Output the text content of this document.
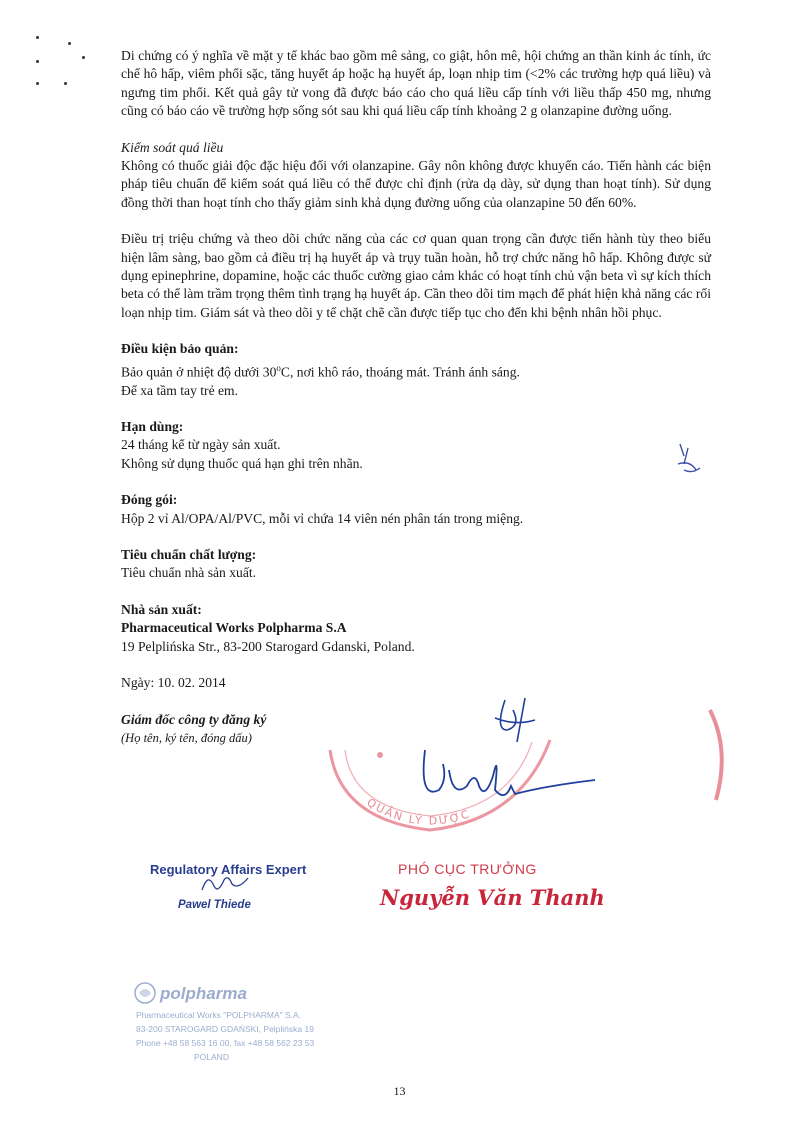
Di chứng có ý nghĩa về mặt y tế khác bao gồm mê sảng, co giật, hôn mê, hội chứng an thần kinh ác tính, ức chế hô hấp, viêm phổi sặc, tăng huyết áp hoặc hạ huyết áp, loạn nhịp tim (<2% các trường hợp quá liều) và ngưng tim phổi. Kết quả gây tử vong đã được báo cáo cho quá liều cấp tính với liều thấp 450 mg, nhưng cũng có báo cáo về trường hợp sống sót sau khi quá liều cấp tính khoảng 2 g olanzapine đường uống.

Kiểm soát quá liều

Không có thuốc giải độc đặc hiệu đối với olanzapine. Gây nôn không được khuyến cáo. Tiến hành các biện pháp tiêu chuẩn để kiểm soát quá liều có thể được chỉ định (rửa dạ dày, sử dụng than hoạt tính). Sử dụng đồng thời than hoạt tính cho thấy giảm sinh khả dụng đường uống của olanzapine 50 đến 60%.

Điều trị triệu chứng và theo dõi chức năng của các cơ quan quan trọng cần được tiến hành tùy theo biểu hiện lâm sàng, bao gồm cả điều trị hạ huyết áp và trụy tuần hoàn, hỗ trợ chức năng hô hấp. Không được sử dụng epinephrine, dopamine, hoặc các thuốc cường giao cảm khác có hoạt tính chủ vận beta vì sự kích thích beta có thể làm trầm trọng thêm tình trạng hạ huyết áp. Cần theo dõi tim mạch để phát hiện khả năng các rối loạn nhịp tim. Giám sát và theo dõi y tế chặt chẽ cần được tiếp tục cho đến khi bệnh nhân hồi phục.

Điều kiện bảo quản:

Bảo quản ở nhiệt độ dưới 30$^o$C, nơi khô ráo, thoáng mát. Tránh ánh sáng.

Để xa tầm tay trẻ em.

Hạn dùng:

24 tháng kể từ ngày sản xuất.

Không sử dụng thuốc quá hạn ghi trên nhãn.

Đóng gói:

Hộp 2 vỉ Al/OPA/Al/PVC, mỗi vỉ chứa 14 viên nén phân tán trong miệng.

Tiêu chuẩn chất lượng:

Tiêu chuẩn nhà sản xuất.

Nhà sản xuất:

Pharmaceutical Works Polpharma S.A

19 Pelplińska Str., 83-200 Starogard Gdanski, Poland.

Ngày: 10. 02. 2014

Giám đốc công ty đăng ký

(Họ tên, ký tên, đóng dấu)

QUẢN LÝ DƯỢC
Regulatory Affairs Expert
Pawel Thiede
PHÓ CỤC TRƯỞNG
Nguyễn Văn Thanh
polpharma
Pharmaceutical Works "POLPHARMA" S.A.
83-200 STAROGARD GDAŃSKI, Pelplińska 19
Phone +48 58 563 16 00, fax +48 58 562 23 53
POLAND
13
